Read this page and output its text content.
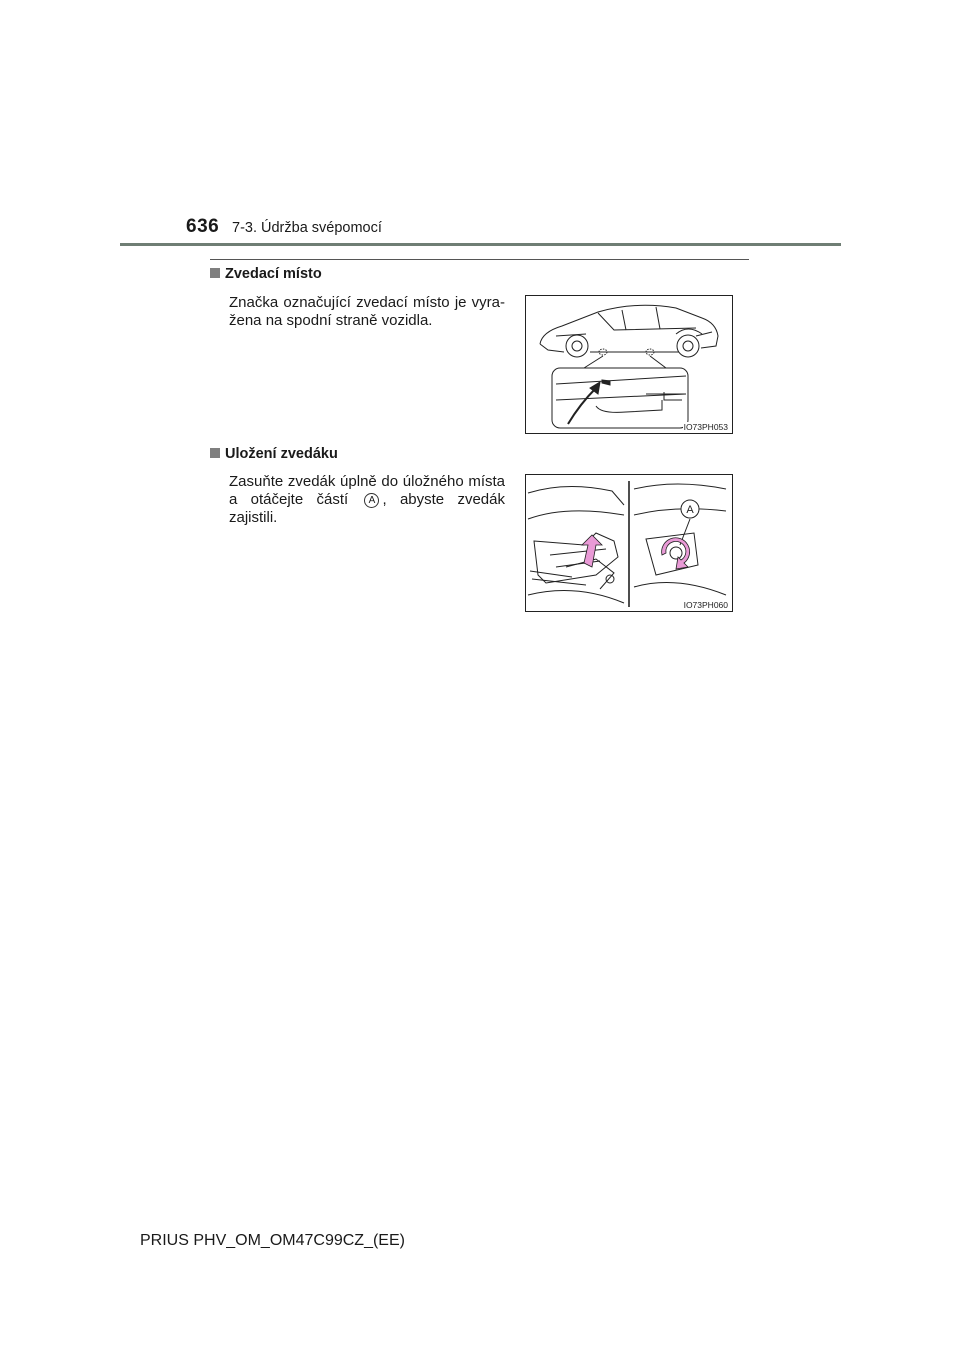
636 7-3. Údržba svépomocí
Zvedací místo
Značka označující zvedací místo je vyra-žena na spodní straně vozidla.
IO73PH053
Uložení zvedáku
Zasuňte zvedák úplně do úložného místa a otáčejte částí A , abyste zvedák zajistili.	A
IO73PH060
PRIUS PHV_OM_OM47C99CZ_(EE)
